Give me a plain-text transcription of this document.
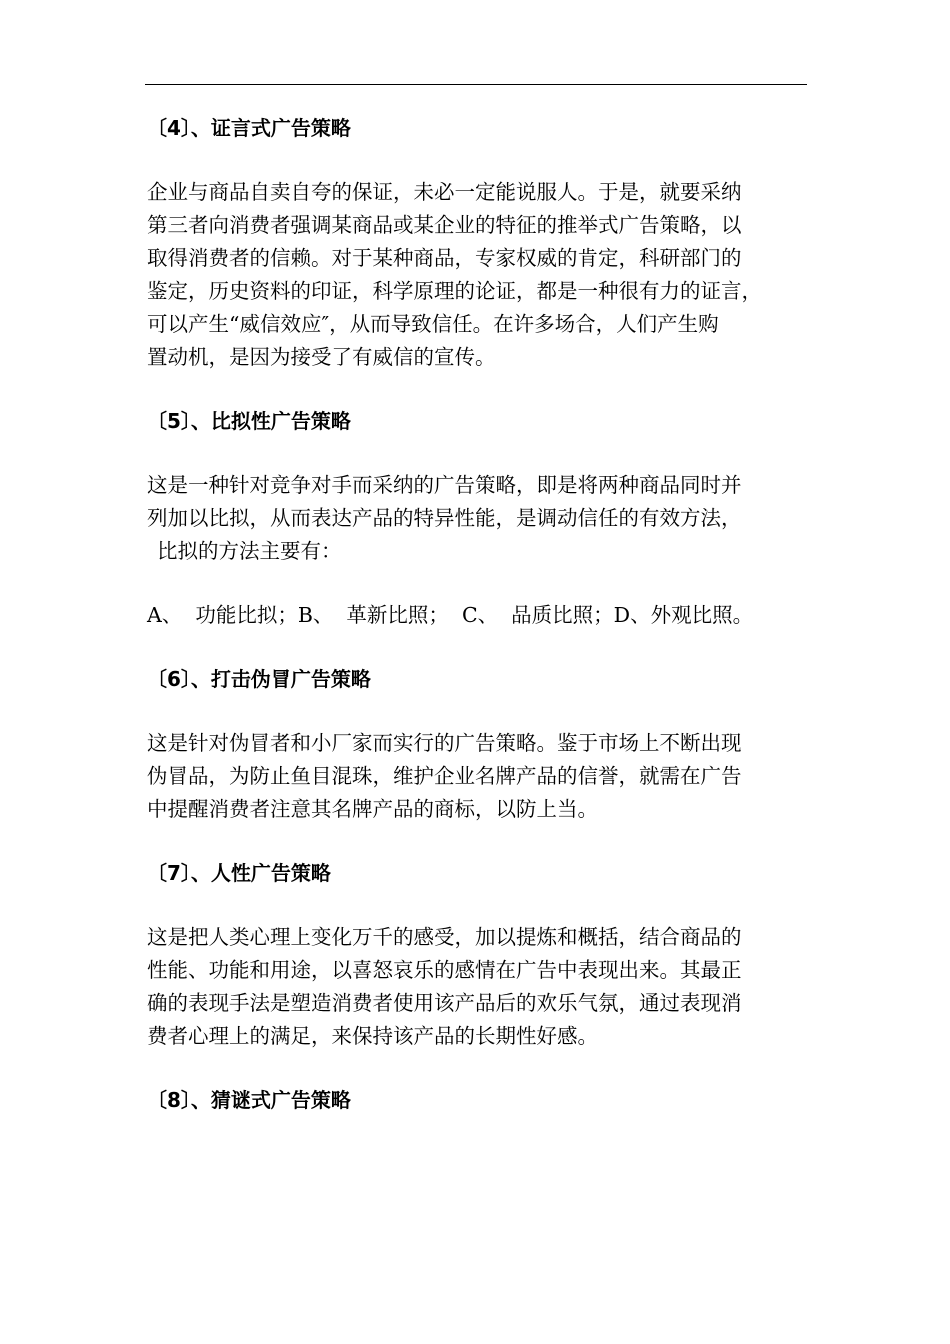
〔4〕、证言式广告策略

企业与商品自卖自夸的保证，未必一定能说服人。于是，就要采纳
第三者向消费者强调某商品或某企业的特征的推举式广告策略，以
取得消费者的信赖。对于某种商品，专家权威的肯定，科研部门的
鉴定，历史资料的印证，科学原理的论证，都是一种很有力的证言，
可以产生“威信效应″，从而导致信任。在许多场合，人们产生购
置动机，是因为接受了有威信的宣传。

〔5〕、比拟性广告策略

这是一种针对竞争对手而采纳的广告策略，即是将两种商品同时并
列加以比拟，从而表达产品的特异性能，是调动信任的有效方法，
比拟的方法主要有：

A、  功能比拟；B、  革新比照；  C、  品质比照；D、外观比照。

〔6〕、打击伪冒广告策略

这是针对伪冒者和小厂家而实行的广告策略。鉴于市场上不断出现
伪冒品，为防止鱼目混珠，维护企业名牌产品的信誉，就需在广告
中提醒消费者注意其名牌产品的商标，以防上当。

〔7〕、人性广告策略

这是把人类心理上变化万千的感受，加以提炼和概括，结合商品的
性能、功能和用途，以喜怒哀乐的感情在广告中表现出来。其最正
确的表现手法是塑造消费者使用该产品后的欢乐气氛，通过表现消
费者心理上的满足，来保持该产品的长期性好感。

〔8〕、猜谜式广告策略
